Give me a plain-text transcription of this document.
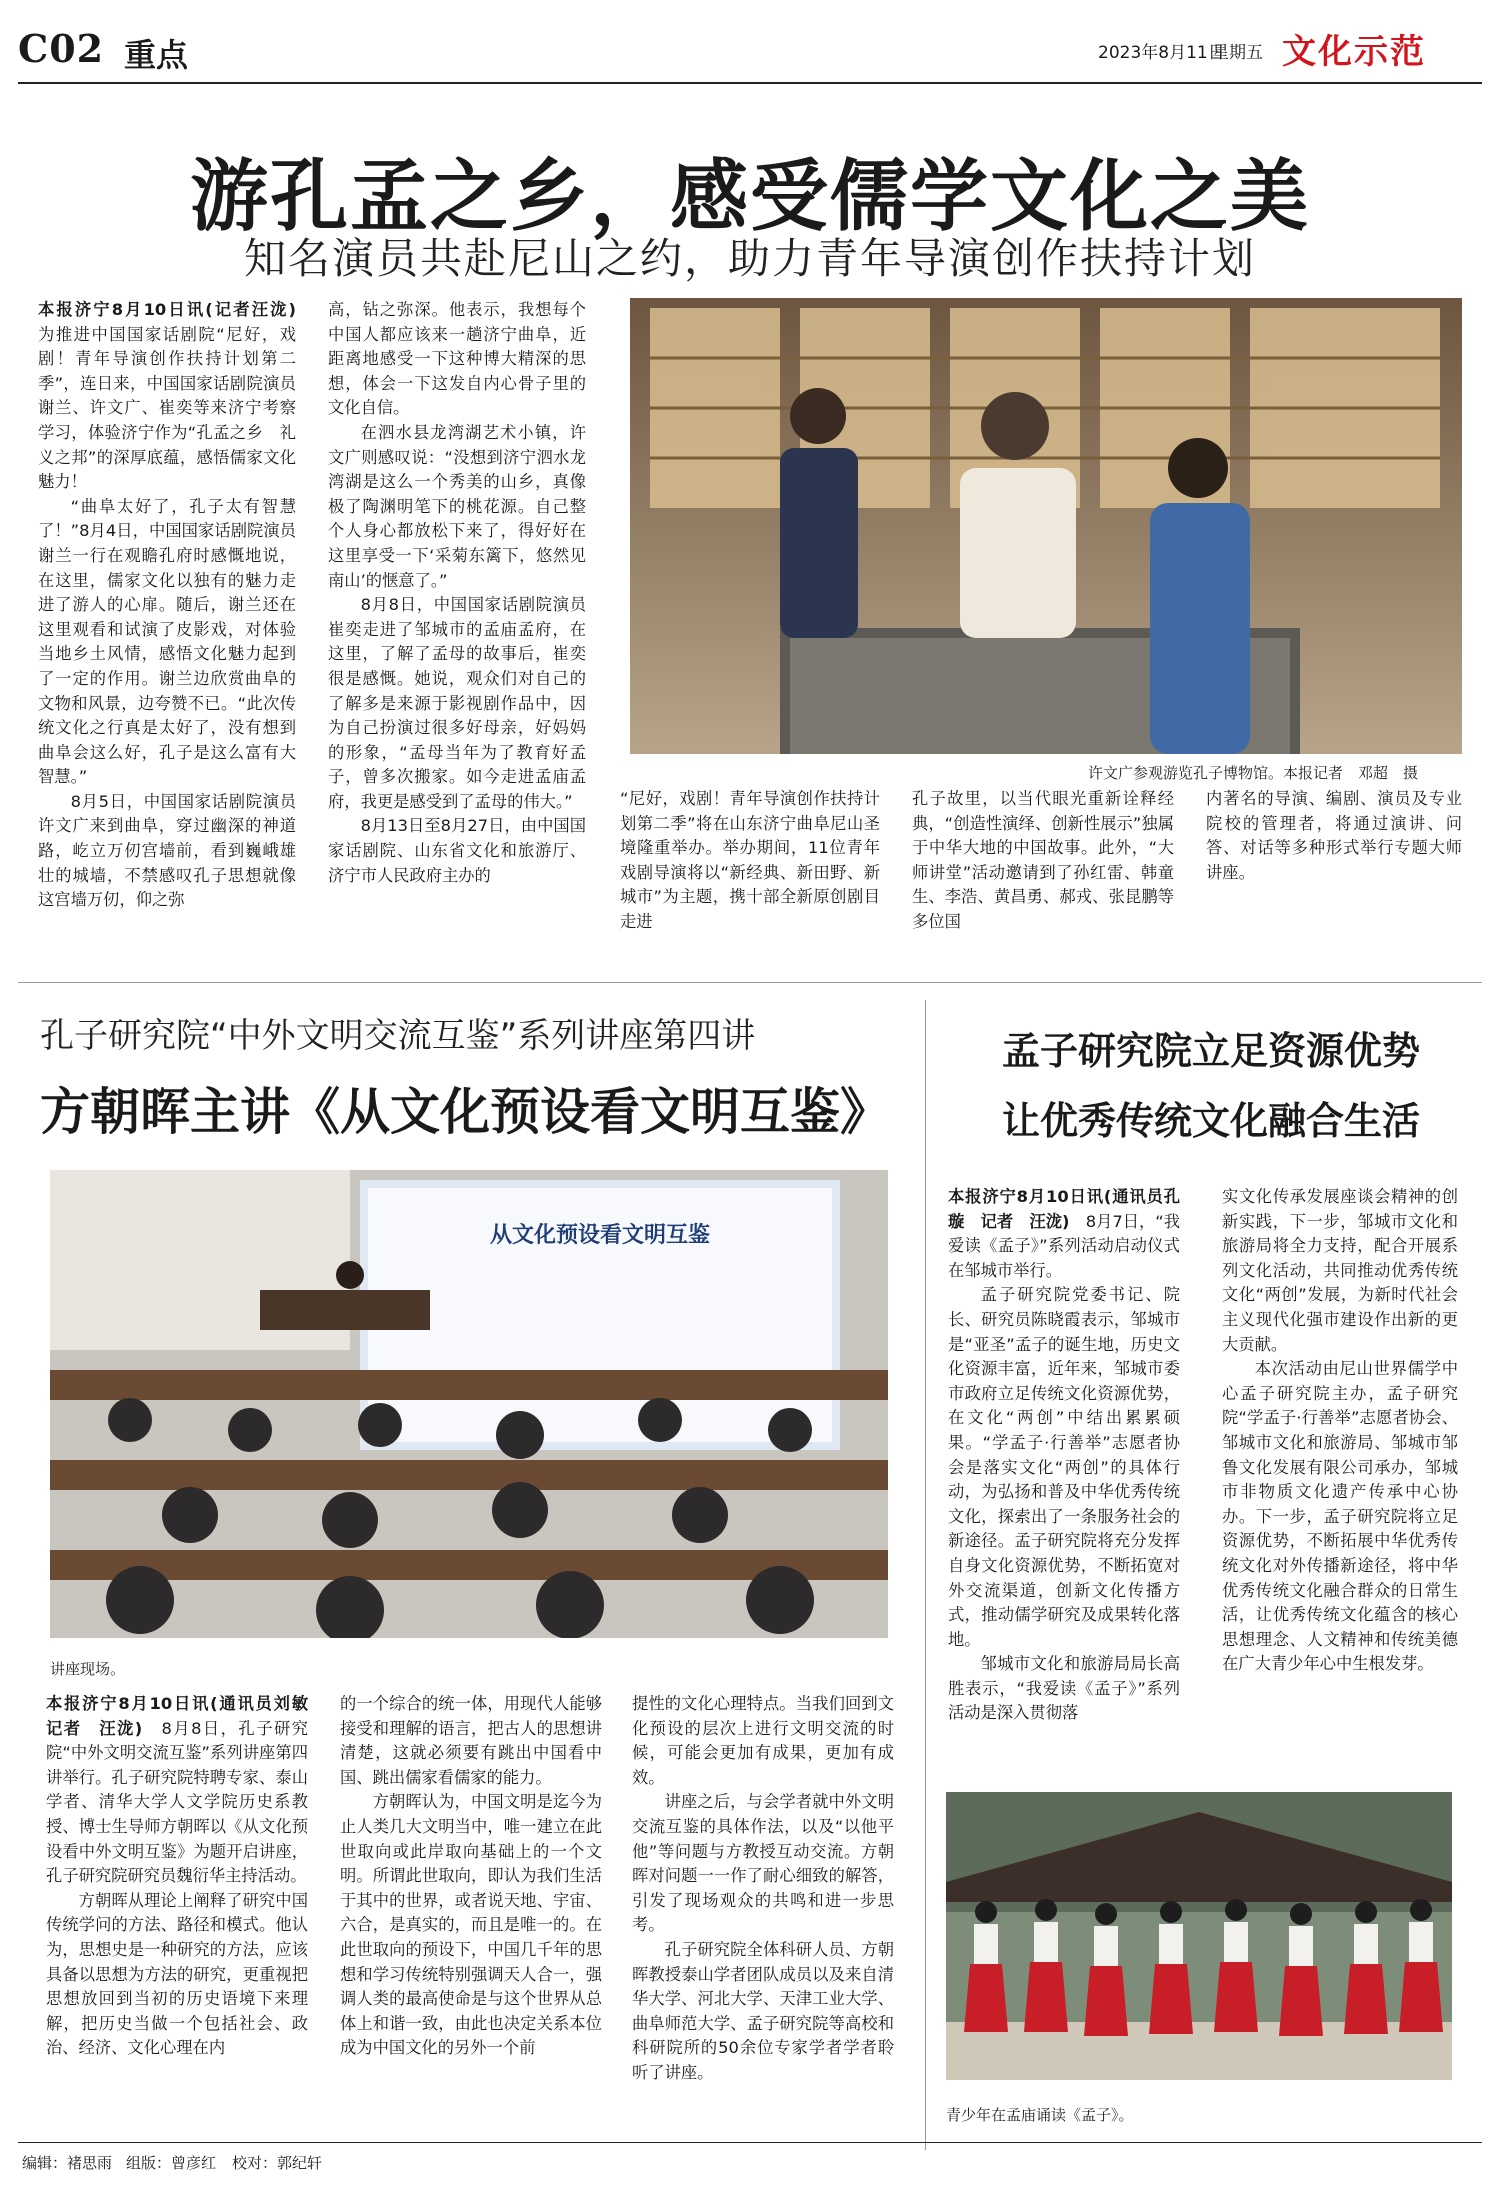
C02 重点	2023年8月11日
星期五 文化示范
游孔孟之乡，感受儒学文化之美
知名演员共赴尼山之约，助力青年导演创作扶持计划

本报济宁8月10日讯(记者汪泷)　为推进中国国家话剧院“尼好，戏剧！青年导演创作扶持计划第二季”，连日来，中国国家话剧院演员谢兰、许文广、崔奕等来济宁考察学习，体验济宁作为“孔孟之乡　礼义之邦”的深厚底蕴，感悟儒家文化魅力！

“曲阜太好了，孔子太有智慧了！”8月4日，中国国家话剧院演员谢兰一行在观瞻孔府时感慨地说，在这里，儒家文化以独有的魅力走进了游人的心扉。随后，谢兰还在这里观看和试演了皮影戏，对体验当地乡土风情，感悟文化魅力起到了一定的作用。谢兰边欣赏曲阜的文物和风景，边夸赞不已。“此次传统文化之行真是太好了，没有想到曲阜会这么好，孔子是这么富有大智慧。”

8月5日，中国国家话剧院演员许文广来到曲阜，穿过幽深的神道路，屹立万仞宫墙前，看到巍峨雄壮的城墙，不禁感叹孔子思想就像这宫墙万仞，仰之弥

高，钻之弥深。他表示，我想每个中国人都应该来一趟济宁曲阜，近距离地感受一下这种博大精深的思想，体会一下这发自内心骨子里的文化自信。

在泗水县龙湾湖艺术小镇，许文广则感叹说：“没想到济宁泗水龙湾湖是这么一个秀美的山乡，真像极了陶渊明笔下的桃花源。自己整个人身心都放松下来了，得好好在这里享受一下‘采菊东篱下，悠然见南山’的惬意了。”

8月8日，中国国家话剧院演员崔奕走进了邹城市的孟庙孟府，在这里，了解了孟母的故事后，崔奕很是感慨。她说，观众们对自己的了解多是来源于影视剧作品中，因为自己扮演过很多好母亲，好妈妈的形象，“孟母当年为了教育好孟子，曾多次搬家。如今走进孟庙孟府，我更是感受到了孟母的伟大。”

8月13日至8月27日，由中国国家话剧院、山东省文化和旅游厅、济宁市人民政府主办的

许文广参观游览孔子博物馆。本报记者　邓超　摄

“尼好，戏剧！青年导演创作扶持计划第二季”将在山东济宁曲阜尼山圣境隆重举办。举办期间，11位青年戏剧导演将以“新经典、新田野、新城市”为主题，携十部全新原创剧目走进

孔子故里，以当代眼光重新诠释经典，“创造性演绎、创新性展示”独属于中华大地的中国故事。此外，“大师讲堂”活动邀请到了孙红雷、韩童生、李浩、黄昌勇、郝戎、张昆鹏等多位国

内著名的导演、编剧、演员及专业院校的管理者，将通过演讲、问答、对话等多种形式举行专题大师讲座。

孔子研究院“中外文明交流互鉴”系列讲座第四讲
方朝晖主讲《从文化预设看文明互鉴》
从文化预设看文明互鉴
讲座现场。

本报济宁8月10日讯(通讯员刘敏　记者　汪泷)　 8月8日，孔子研究院“中外文明交流互鉴”系列讲座第四讲举行。孔子研究院特聘专家、泰山学者、清华大学人文学院历史系教授、博士生导师方朝晖以《从文化预设看中外文明互鉴》为题开启讲座，孔子研究院研究员魏衍华主持活动。

方朝晖从理论上阐释了研究中国传统学问的方法、路径和模式。他认为，思想史是一种研究的方法，应该具备以思想为方法的研究，更重视把思想放回到当初的历史语境下来理解，把历史当做一个包括社会、政治、经济、文化心理在内

的一个综合的统一体，用现代人能够接受和理解的语言，把古人的思想讲清楚，这就必须要有跳出中国看中国、跳出儒家看儒家的能力。

方朝晖认为，中国文明是迄今为止人类几大文明当中，唯一建立在此世取向或此岸取向基础上的一个文明。所谓此世取向，即认为我们生活于其中的世界，或者说天地、宇宙、六合，是真实的，而且是唯一的。在此世取向的预设下，中国几千年的思想和学习传统特别强调天人合一，强调人类的最高使命是与这个世界从总体上和谐一致，由此也决定关系本位成为中国文化的另外一个前

提性的文化心理特点。当我们回到文化预设的层次上进行文明交流的时候，可能会更加有成果，更加有成效。

讲座之后，与会学者就中外文明交流互鉴的具体作法，以及“以他平他”等问题与方教授互动交流。方朝晖对问题一一作了耐心细致的解答，引发了现场观众的共鸣和进一步思考。

孔子研究院全体科研人员、方朝晖教授泰山学者团队成员以及来自清华大学、河北大学、天津工业大学、曲阜师范大学、孟子研究院等高校和科研院所的50余位专家学者学者聆听了讲座。

孟子研究院立足资源优势
让优秀传统文化融合生活

本报济宁8月10日讯(通讯员孔璇　记者　汪泷)　 8月7日，“我爱读《孟子》”系列活动启动仪式在邹城市举行。

孟子研究院党委书记、院长、研究员陈晓霞表示，邹城市是“亚圣”孟子的诞生地，历史文化资源丰富，近年来，邹城市委市政府立足传统文化资源优势，在文化“两创”中结出累累硕果。“学孟子·行善举”志愿者协会是落实文化“两创”的具体行动，为弘扬和普及中华优秀传统文化，探索出了一条服务社会的新途径。孟子研究院将充分发挥自身文化资源优势，不断拓宽对外交流渠道，创新文化传播方式，推动儒学研究及成果转化落地。

邹城市文化和旅游局局长高胜表示，“我爱读《孟子》”系列活动是深入贯彻落

实文化传承发展座谈会精神的创新实践，下一步，邹城市文化和旅游局将全力支持，配合开展系列文化活动，共同推动优秀传统文化“两创”发展，为新时代社会主义现代化强市建设作出新的更大贡献。

本次活动由尼山世界儒学中心孟子研究院主办，孟子研究院“学孟子·行善举”志愿者协会、邹城市文化和旅游局、邹城市邹鲁文化发展有限公司承办，邹城市非物质文化遗产传承中心协办。下一步，孟子研究院将立足资源优势，不断拓展中华优秀传统文化对外传播新途径，将中华优秀传统文化融合群众的日常生活，让优秀传统文化蕴含的核心思想理念、人文精神和传统美德在广大青少年心中生根发芽。

青少年在孟庙诵读《孟子》。
编辑：褚思雨 组版：曾彦红 校对：郭纪轩
